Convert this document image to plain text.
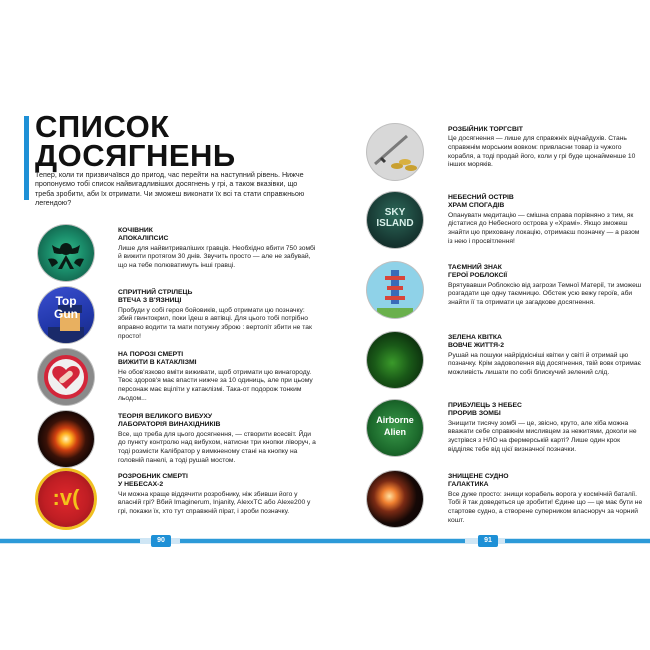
СПИСОК
ДОСЯГНЕНЬ
Тепер, коли ти призвичаївся до пригод, час перейти на наступний рівень. Нижче пропонуємо тобі список найвигадливіших досягнень у грі, а також вказівки, що треба зробити, аби їх отримати. Чи зможеш виконати їх всі та стати справжньою легендою?
КОЧІВНИК
АПОКАЛІПСИС
Лише для найвитриваліших гравців. Необхідно вбити 750 зомбі й вижити протягом 30 днів. Звучить просто — але не забувай, що на тебе полюватимуть інші гравці.
Top
Gun
СПРИТНИЙ СТРІЛЕЦЬ
ВТЕЧА З В'ЯЗНИЦІ
Пробуди у собі героя бойовиків, щоб отримати цю позначку: збий гвинтокрил, поки їдеш в автівці. Для цього тобі потрібно вправно водити та мати потужну зброю : вертоліт збити не так просто!
НА ПОРОЗІ СМЕРТІ
ВИЖИТИ В КАТАКЛІЗМІ
Не обов'язково вміти виживати, щоб отримати цю винагороду. Твоє здоров'я має впасти нижче за 10 одиниць, але при цьому персонаж має вціліти у катаклізмі. Така-от подорож тонким льодом...
ТЕОРІЯ ВЕЛИКОГО ВИБУХУ
ЛАБОРАТОРІЯ ВИНАХІДНИКІВ
Все, що треба для цього досягнення, — створити всесвіт. Йди до пункту контролю над вибухом, натисни три кнопки ліворуч, а тоді розмісти Калібратор у вимкненому стані на кнопку на головній панелі, а тоді рушай мостом.
:v(
РОЗРОБНИК СМЕРТІ
У НЕБЕСАХ-2
Чи можна краще віддячити розробнику, ніж збивши його у власній грі? Вбий Imaginerum, Injanity, AlexxTC або Alexe200 у грі, покажи їх, хто тут справжній пірат, і зроби позначку.
РОЗБІЙНИК ТОРГСВІТ
Це досягнення — лише для справжніх відчайдухів. Стань справжнім морським вовком: привласни товар із чужого корабля, а тоді продай його, коли у грі буде щонайменше 10 інших моряків.
SKY
ISLAND
НЕБЕСНИЙ ОСТРІВ
ХРАМ СПОГАДІВ
Опануватн медитацію — смішна справа порівняно з тим, як дістатися до Небесного острова у «Храмі». Якщо зможеш знайти цю приховану локацію, отримаєш позначку — а разом із нею і просвітлення!
ТАЄМНИЙ ЗНАК
ГЕРОЇ РОБЛОКСІЇ
Врятувавши Роблоксію від загрози Темної Матерії, ти зможеш розгадати ще одну таємницю. Обстеж усю вежу героїв, аби знайти її та отримати це загадкове досягнення.
ЗЕЛЕНА КВІТКА
ВОВЧЕ ЖИТТЯ-2
Рушай на пошуки найрідкісніші квітки у світі й отримай цю позначку. Крім задоволення від досягнення, твій вовк отримає можливість лишати по собі блискучий зелений слід.
Airborne
Alien
ПРИБУЛЕЦЬ З НЕБЕС
ПРОРИВ ЗОМБІ
Знищити тисячу зомбі — це, звісно, круто, але хіба можна вважати себе справжнім мисливцем за нежитями, доколи не зустрівся з НЛО на фермерській карті? Лише один крок відділяє тебе від цієї визначної позначки.
ЗНИЩЕНЕ СУДНО
ГАЛАКТИКА
Все дуже просто: знищи корабель ворога у космічній баталії. Тобі й так доведеться це зробити! Єдине що — це має бути не стартове судно, а створене суперником власноруч за чорний кошт.
90	91
